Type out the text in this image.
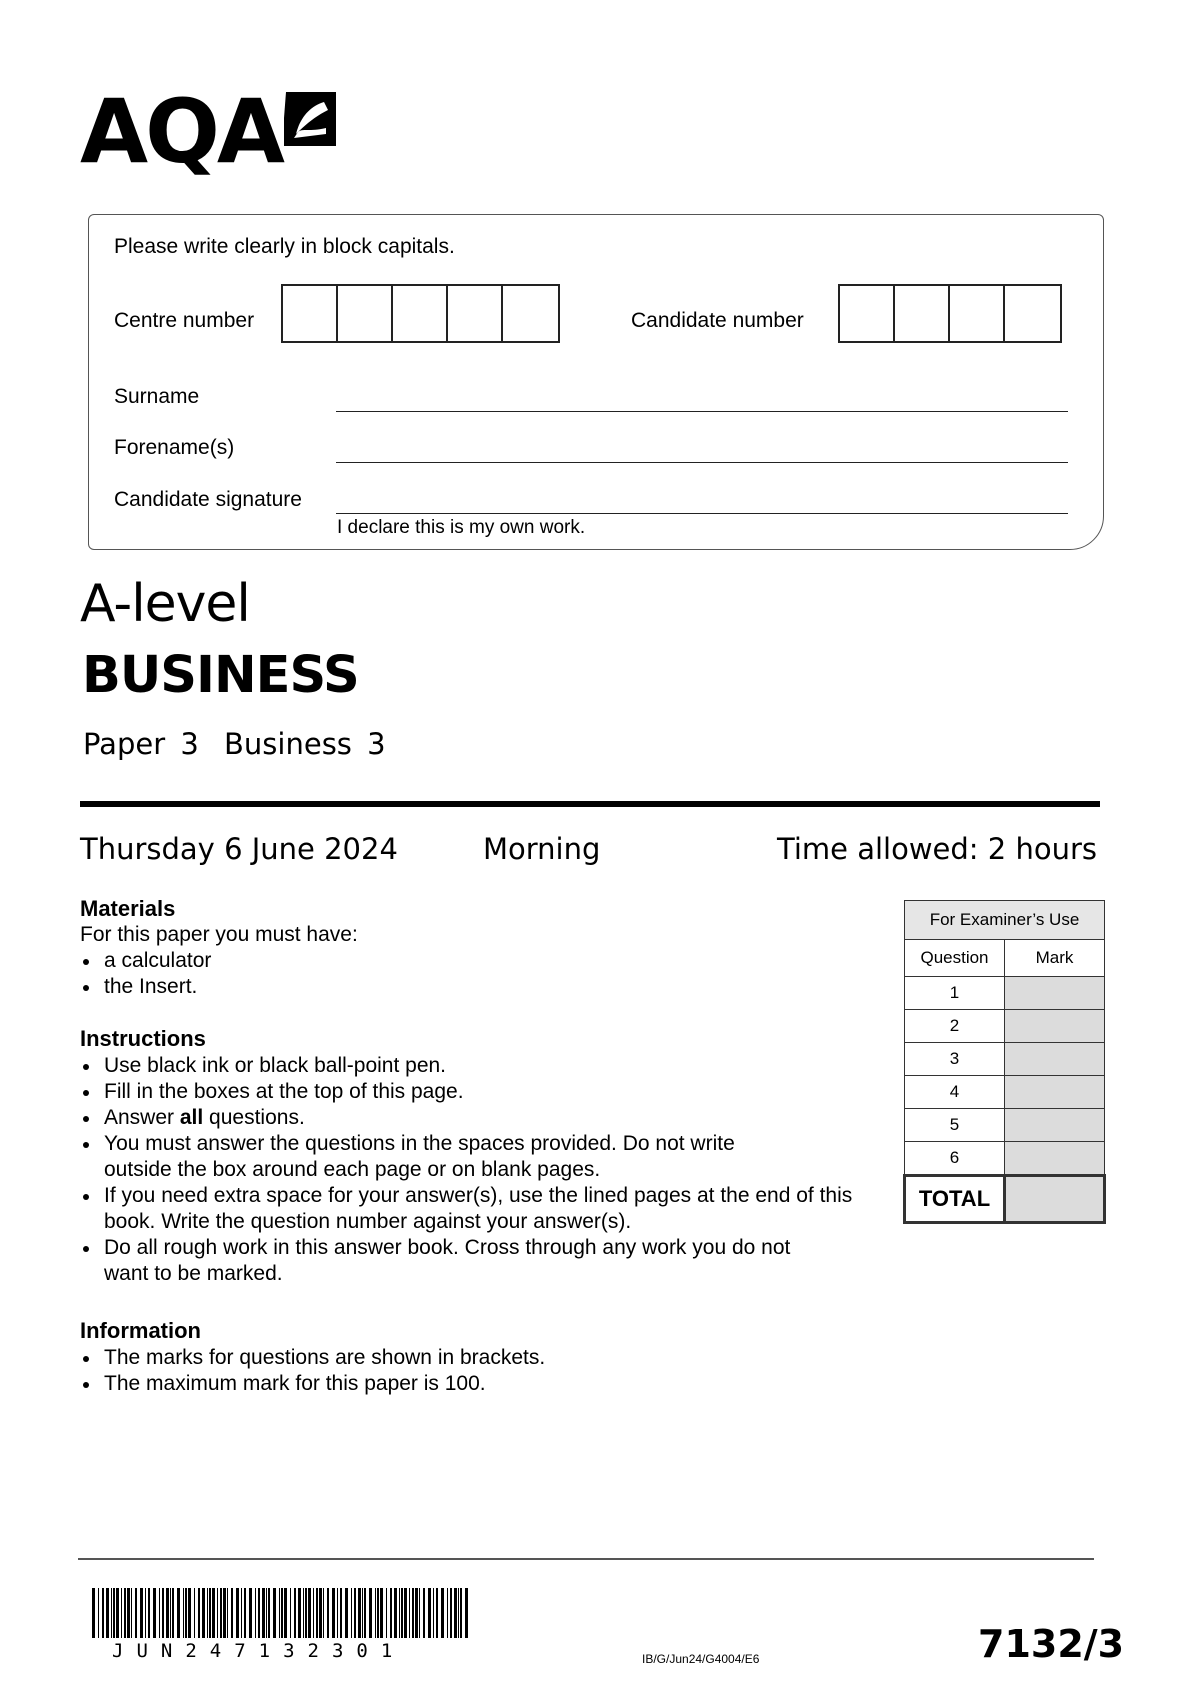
AQA
Please write clearly in block capitals.
Centre number	Candidate number
Surname
Forename(s)
Candidate signature
I declare this is my own work.
A-level
BUSINESS
Paper 3 Business 3
Thursday 6 June 2024	Morning	Time allowed: 2 hours
Materials
For this paper you must have:
a calculator
the Insert.
Instructions
Use black ink or black ball-point pen.
Fill in the boxes at the top of this page.
Answer all questions.
You must answer the questions in the spaces provided. Do not write outside the box around each page or on blank pages.
If you need extra space for your answer(s), use the lined pages at the end of this book. Write the question number against your answer(s).
Do all rough work in this answer book. Cross through any work you do not want to be marked.
Information
The marks for questions are shown in brackets.
The maximum mark for this paper is 100.
For Examiner’s Use	
Question	Mark
1	
2	
3	
4	
5	
6	
TOTAL	
JUN247132301	IB/G/Jun24/G4004/E6	7132/3
